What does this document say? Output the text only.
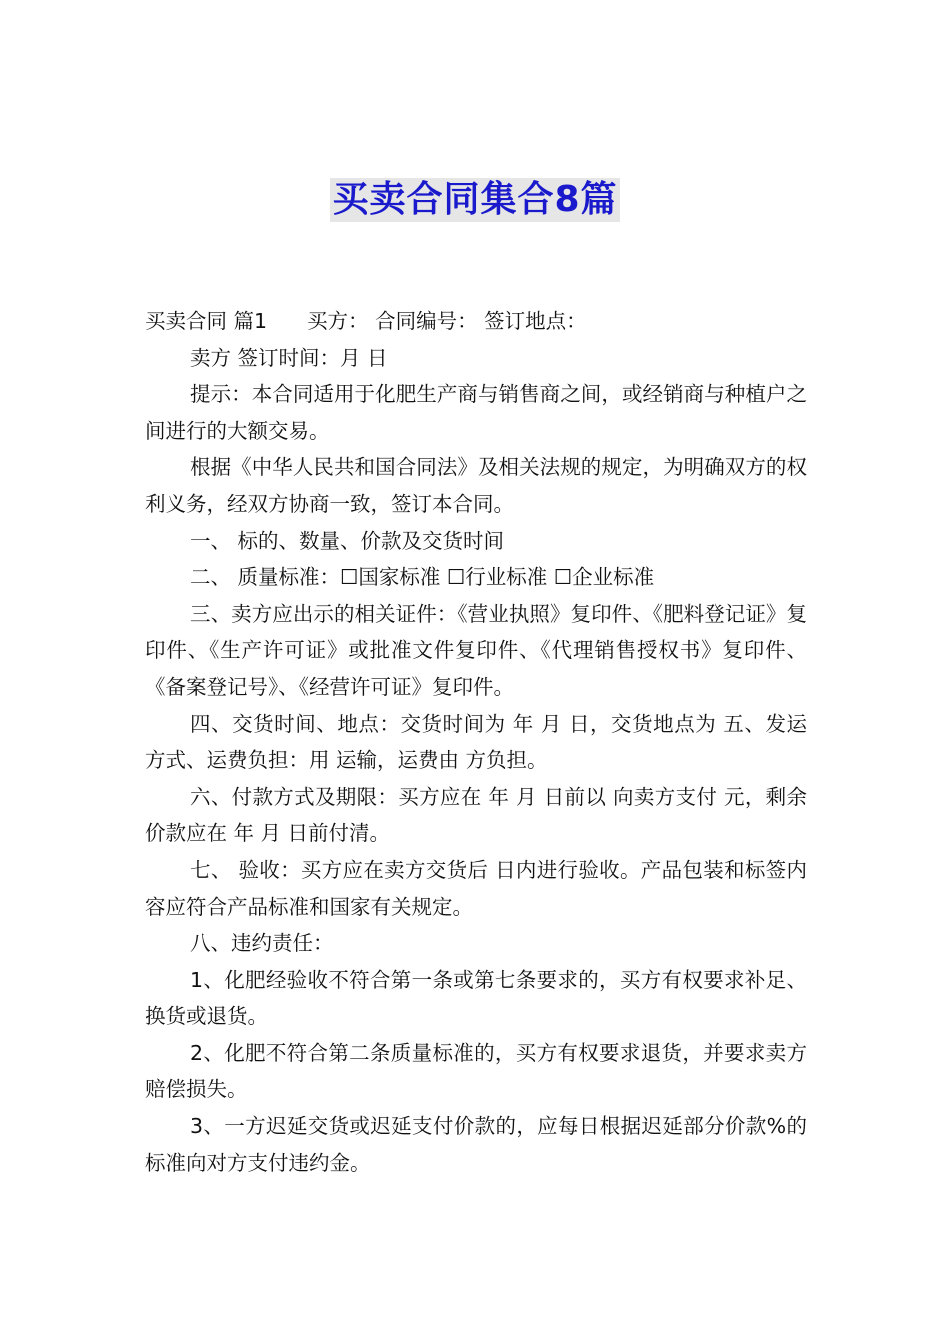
买卖合同集合8篇

买卖合同 篇1 买方： 合同编号： 签订地点：

卖方 签订时间：月 日

提示：本合同适用于化肥生产商与销售商之间，或经销商与种植户之间进行的大额交易。

根据《中华人民共和国合同法》及相关法规的规定，为明确双方的权利义务，经双方协商一致，签订本合同。

一、 标的、数量、价款及交货时间

二、 质量标准：☐国家标准 ☐行业标准 ☐企业标准

三、卖方应出示的相关证件：《营业执照》复印件、《肥料登记证》复印件、《生产许可证》或批准文件复印件、《代理销售授权书》复印件、《备案登记号》、《经营许可证》复印件。

四、交货时间、地点：交货时间为 年 月 日，交货地点为 五、发运方式、运费负担：用 运输，运费由 方负担。

六、付款方式及期限：买方应在 年 月 日前以 向卖方支付 元，剩余价款应在 年 月 日前付清。

七、 验收：买方应在卖方交货后 日内进行验收。产品包装和标签内容应符合产品标准和国家有关规定。

八、违约责任：

1、化肥经验收不符合第一条或第七条要求的，买方有权要求补足、换货或退货。

2、化肥不符合第二条质量标准的，买方有权要求退货，并要求卖方赔偿损失。

3、一方迟延交货或迟延支付价款的，应每日根据迟延部分价款%的标准向对方支付违约金。
